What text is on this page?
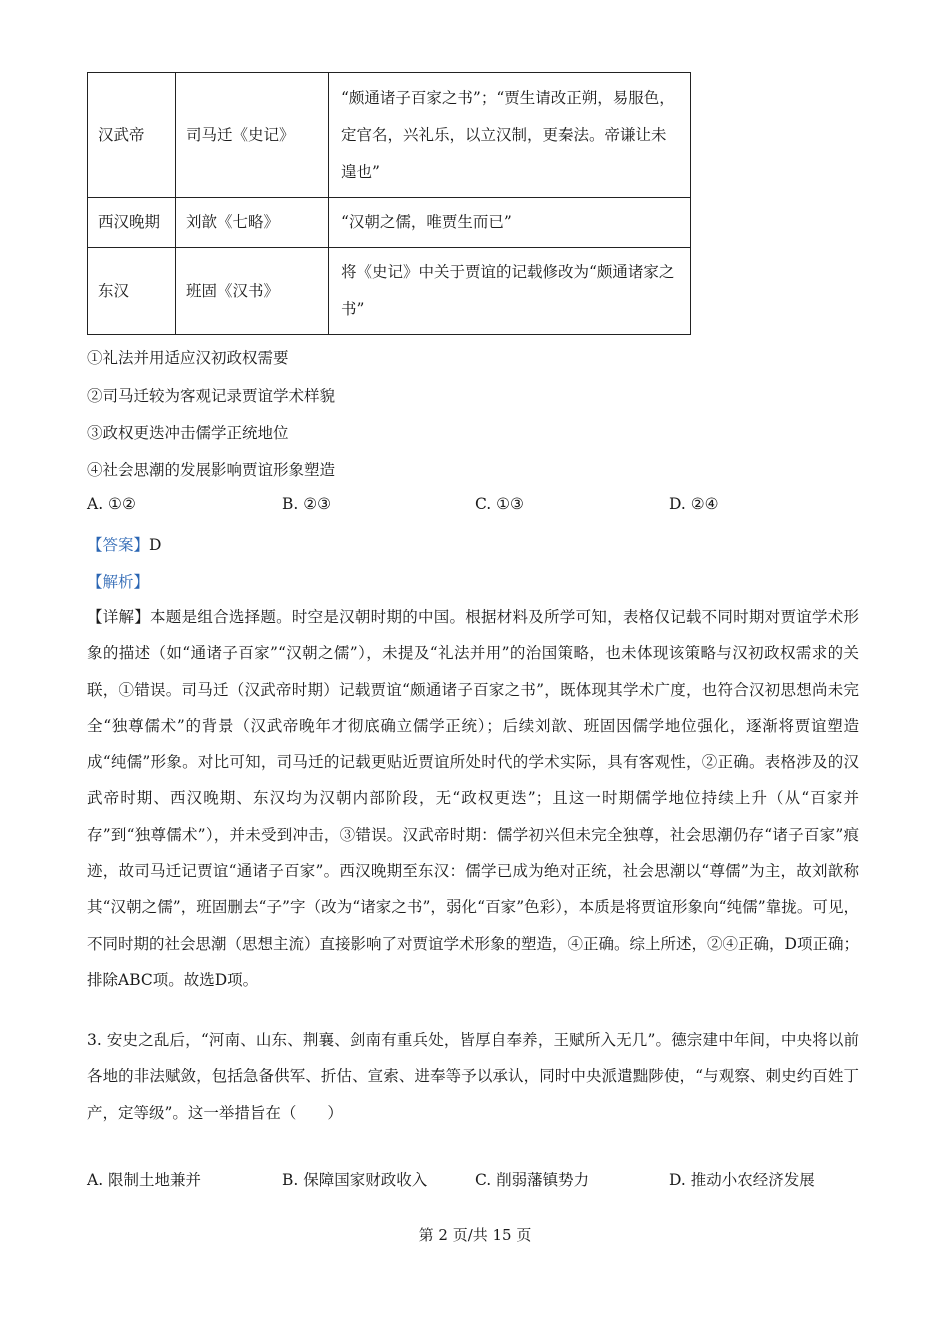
汉武帝	司马迁《史记》	“颇通诸子百家之书”；“贾生请改正朔，易服色，定官名，兴礼乐，以立汉制，更秦法。帝谦让未遑也”
西汉晚期	刘歆《七略》	“汉朝之儒，唯贾生而已”
东汉	班固《汉书》	将《史记》中关于贾谊的记载修改为“颇通诸家之书”
①礼法并用适应汉初政权需要
②司马迁较为客观记录贾谊学术样貌
③政权更迭冲击儒学正统地位
④社会思潮的发展影响贾谊形象塑造
A. ①②	B. ②③	C. ①③	D. ②④
【答案】D
【解析】

【详解】本题是组合选择题。时空是汉朝时期的中国。根据材料及所学可知，表格仅记载不同时期对贾谊学术形象的描述（如“通诸子百家”“汉朝之儒”），未提及“礼法并用”的治国策略，也未体现该策略与汉初政权需求的关联，①错误。司马迁（汉武帝时期）记载贾谊“颇通诸子百家之书”，既体现其学术广度，也符合汉初思想尚未完全“独尊儒术”的背景（汉武帝晚年才彻底确立儒学正统）；后续刘歆、班固因儒学地位强化，逐渐将贾谊塑造成“纯儒”形象。对比可知，司马迁的记载更贴近贾谊所处时代的学术实际，具有客观性，②正确。表格涉及的汉武帝时期、西汉晚期、东汉均为汉朝内部阶段，无“政权更迭”；且这一时期儒学地位持续上升（从“百家并存”到“独尊儒术”），并未受到冲击，③错误。汉武帝时期：儒学初兴但未完全独尊，社会思潮仍存“诸子百家”痕迹，故司马迁记贾谊“通诸子百家”。西汉晚期至东汉：儒学已成为绝对正统，社会思潮以“尊儒”为主，故刘歆称其“汉朝之儒”，班固删去“子”字（改为“诸家之书”，弱化“百家”色彩），本质是将贾谊形象向“纯儒”靠拢。可见，不同时期的社会思潮（思想主流）直接影响了对贾谊学术形象的塑造，④正确。综上所述，②④正确，D项正确；排除ABC项。故选D项。

3. 安史之乱后，“河南、山东、荆襄、剑南有重兵处，皆厚自奉养，王赋所入无几”。德宗建中年间，中央将以前各地的非法赋敛，包括急备供军、折估、宣索、进奉等予以承认，同时中央派遣黜陟使，“与观察、刺史约百姓丁产，定等级”。这一举措旨在（　　）

A. 限制土地兼并	B. 保障国家财政收入	C. 削弱藩镇势力	D. 推动小农经济发展
第 2 页/共 15 页
